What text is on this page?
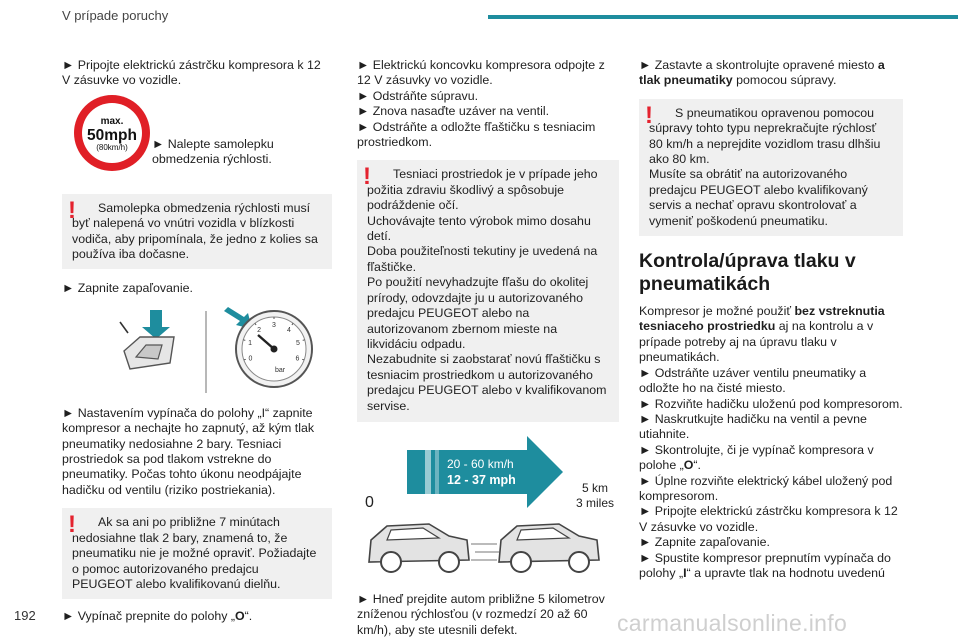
V prípade poruchy

► Pripojte elektrickú zástrčku kompresora k 12 V zásuvke vo vozidle.

max.
50mph
(80km/h) ► Nalepte samolepku obmedzenia rýchlosti.

!	Samolepka obmedzenia rýchlosti musí byť nalepená vo vnútri vozidla v blízkosti vodiča, aby pripomínala, že jedno z kolies sa používa iba dočasne.

► Zapnite zapaľovanie.

0
1
2
3
4
5
6
bar

► Nastavením vypínača do polohy „I“ zapnite kompresor a nechajte ho zapnutý, až kým tlak pneumatiky nedosiahne 2 bary. Tesniaci prostriedok sa pod tlakom vstrekne do pneumatiky. Počas tohto úkonu neodpájajte hadičku od ventilu (riziko postriekania).

!	Ak sa ani po približne 7 minútach nedosiahne tlak 2 bary, znamená to, že pneumatiku nie je možné opraviť. Požiadajte o pomoc autorizovaného predajcu PEUGEOT alebo kvalifikovanú dielňu.

► Vypínač prepnite do polohy „O“.

► Elektrickú koncovku kompresora odpojte z 12 V zásuvky vo vozidle.

► Odstráňte súpravu.

► Znova nasaďte uzáver na ventil.

► Odstráňte a odložte fľaštičku s tesniacim prostriedkom.

!	Tesniaci prostriedok je v prípade jeho požitia zdraviu škodlivý a spôsobuje podráždenie očí.

Uchovávajte tento výrobok mimo dosahu detí.

Doba použiteľnosti tekutiny je uvedená na fľaštičke.

Po použití nevyhadzujte fľašu do okolitej prírody, odovzdajte ju u autorizovaného predajcu PEUGEOT alebo na autorizovanom zbernom mieste na likvidáciu odpadu.

Nezabudnite si zaobstarať novú fľaštičku s tesniacim prostriedkom u autorizovaného predajcu PEUGEOT alebo v kvalifikovanom servise.

20 - 60 km/h
12 - 37 mph
0
5 km
3 miles

► Hneď prejdite autom približne 5 kilometrov zníženou rýchlosťou (v rozmedzí 20 až 60 km/h), aby ste utesnili defekt.

► Zastavte a skontrolujte opravené miesto a tlak pneumatiky pomocou súpravy.

!	S pneumatikou opravenou pomocou súpravy tohto typu neprekračujte rýchlosť 80 km/h a neprejdite vozidlom trasu dlhšiu ako 80 km.

Musíte sa obrátiť na autorizovaného predajcu PEUGEOT alebo kvalifikovaný servis a nechať opravu skontrolovať a vymeniť poškodenú pneumatiku.

Kontrola/úprava tlaku v pneumatikách

Kompresor je možné použiť bez vstreknutia tesniaceho prostriedku aj na kontrolu a v prípade potreby aj na úpravu tlaku v pneumatikách.

► Odstráňte uzáver ventilu pneumatiky a odložte ho na čisté miesto.

► Rozviňte hadičku uloženú pod kompresorom.

► Naskrutkujte hadičku na ventil a pevne utiahnite.

► Skontrolujte, či je vypínač kompresora v polohe „O“.

► Úplne rozviňte elektrický kábel uložený pod kompresorom.

► Pripojte elektrickú zástrčku kompresora k 12 V zásuvke vo vozidle.

► Zapnite zapaľovanie.

► Spustite kompresor prepnutím vypínača do polohy „I“ a upravte tlak na hodnotu uvedenú

192	carmanualsonline.info
